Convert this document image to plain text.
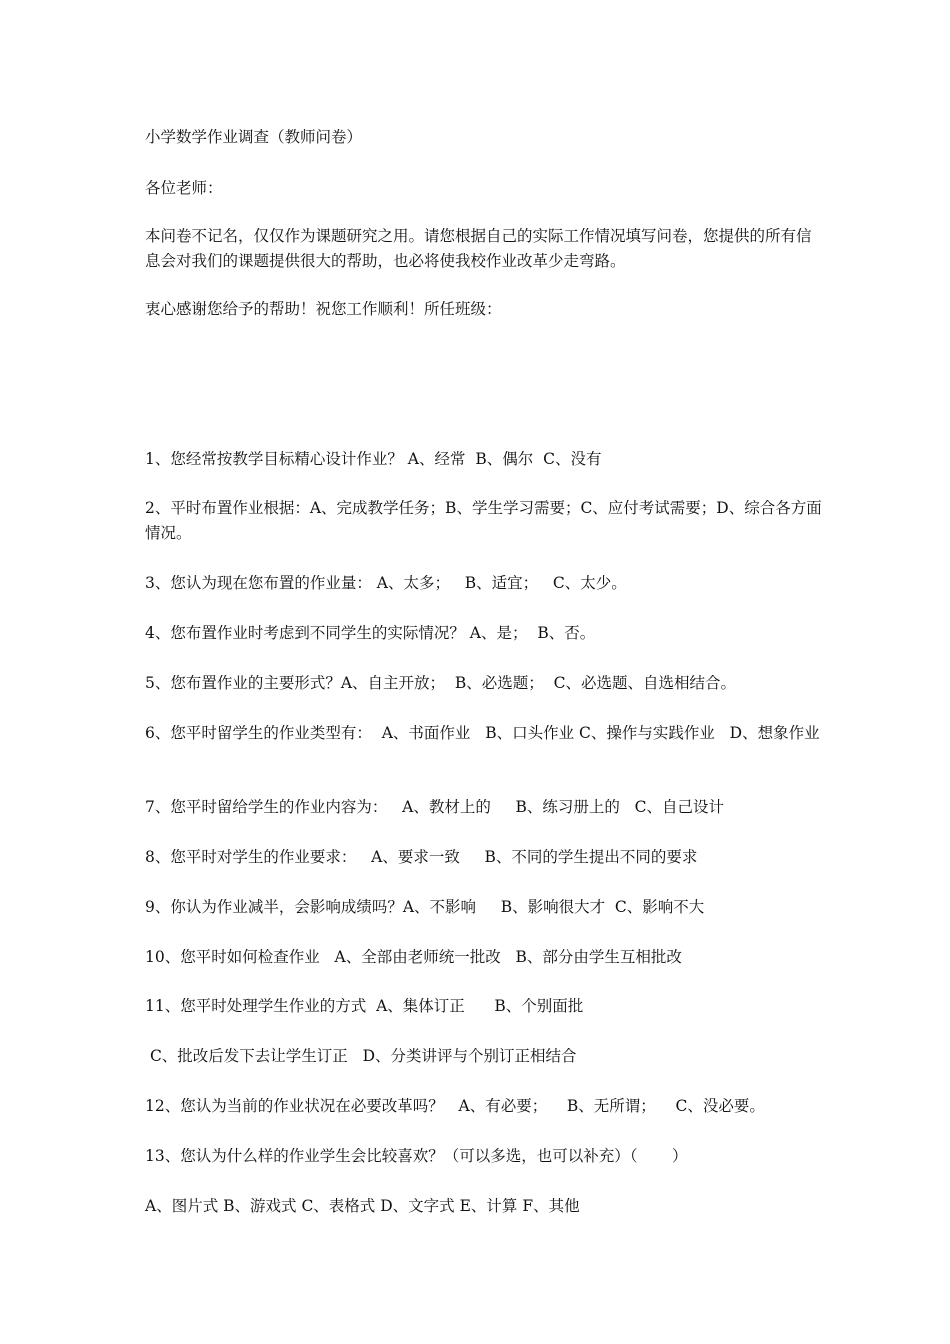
小学数学作业调查（教师问卷）

各位老师：

本问卷不记名，仅仅作为课题研究之用。请您根据自己的实际工作情况填写问卷，您提供的所有信息会对我们的课题提供很大的帮助，也必将使我校作业改革少走弯路。

衷心感谢您给予的帮助！祝您工作顺利！所任班级：

1、您经常按教学目标精心设计作业？ A、经常  B、偶尔  C、没有

2、平时布置作业根据：A、完成教学任务；B、学生学习需要；C、应付考试需要；D、综合各方面情况。

3、您认为现在您布置的作业量： A、太多；   B、适宜；   C、太少。

4、您布置作业时考虑到不同学生的实际情况？ A、是；  B、否。

5、您布置作业的主要形式？A、自主开放；  B、必选题；  C、必选题、自选相结合。

6、您平时留学生的作业类型有：  A、书面作业   B、口头作业 C、操作与实践作业   D、想象作业

7、您平时留给学生的作业内容为：   A、教材上的     B、练习册上的   C、自己设计

8、您平时对学生的作业要求：   A、要求一致     B、不同的学生提出不同的要求

9、你认为作业减半，会影响成绩吗？A、不影响     B、影响很大才  C、影响不大

10、您平时如何检查作业   A、全部由老师统一批改   B、部分由学生互相批改

11、您平时处理学生作业的方式  A、集体订正      B、个别面批

C、批改后发下去让学生订正   D、分类讲评与个别订正相结合

12、您认为当前的作业状况在必要改革吗？   A、有必要；    B、无所谓；    C、没必要。

13、您认为什么样的作业学生会比较喜欢？（可以多选，也可以补充）（       ）

A、图片式 B、游戏式 C、表格式 D、文字式 E、计算 F、其他
